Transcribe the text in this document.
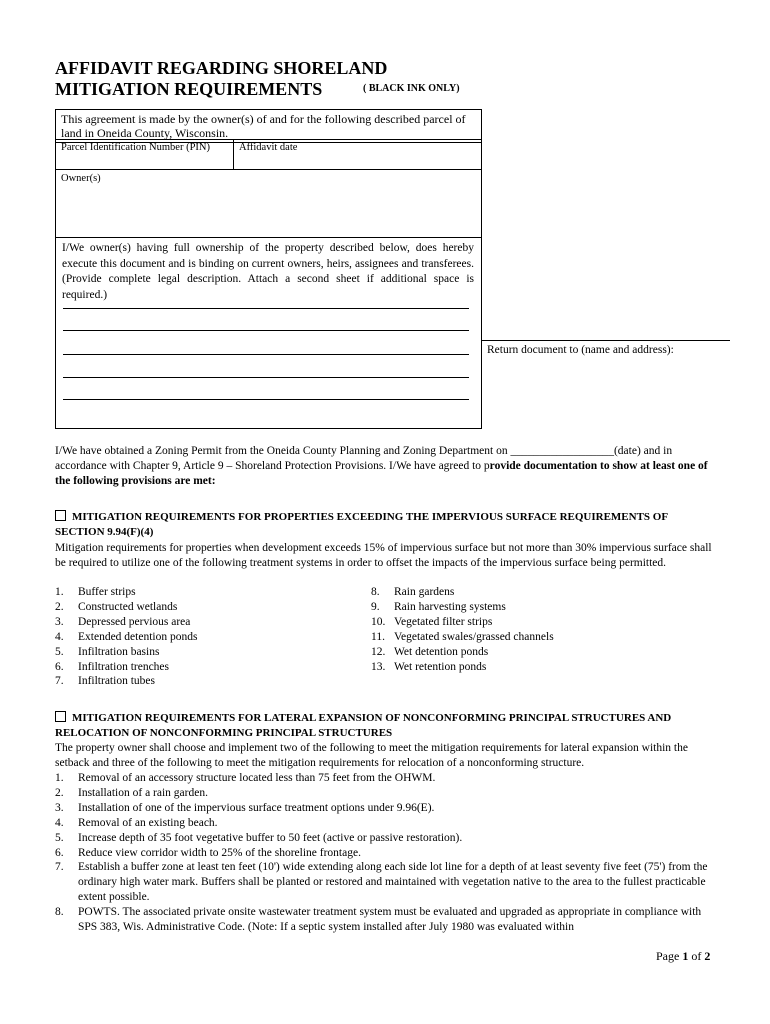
AFFIDAVIT REGARDING SHORELAND
MITIGATION REQUIREMENTS	( BLACK INK ONLY)
This agreement is made by the owner(s) of and for the following described parcel of land in Oneida County, Wisconsin.
Parcel Identification Number (PIN)	Affidavit date
Owner(s)
I/We owner(s) having full ownership of the property described below, does hereby execute this document and is binding on current owners, heirs, assignees and transferees. (Provide complete legal description. Attach a second sheet if additional space is required.)
Return document to (name and address):
I/We have obtained a Zoning Permit from the Oneida County Planning and Zoning Department on __________________(date) and in accordance with Chapter 9, Article 9 – Shoreland Protection Provisions. I/We have agreed to provide documentation to show at least one of the following provisions are met:
MITIGATION REQUIREMENTS FOR PROPERTIES EXCEEDING THE IMPERVIOUS SURFACE REQUIREMENTS OF SECTION 9.94(F)(4)
Mitigation requirements for properties when development exceeds 15% of impervious surface but not more than 30% impervious surface shall be required to utilize one of the following treatment systems in order to offset the impacts of the impervious surface being permitted.
1. Buffer strips
2. Constructed wetlands
3. Depressed pervious area
4. Extended detention ponds
5. Infiltration basins
6. Infiltration trenches
7. Infiltration tubes
8. Rain gardens
9. Rain harvesting systems
10. Vegetated filter strips
11. Vegetated swales/grassed channels
12. Wet detention ponds
13. Wet retention ponds
MITIGATION REQUIREMENTS FOR LATERAL EXPANSION OF NONCONFORMING PRINCIPAL STRUCTURES AND RELOCATION OF NONCONFORMING PRINCIPAL STRUCTURES
The property owner shall choose and implement two of the following to meet the mitigation requirements for lateral expansion within the setback and three of the following to meet the mitigation requirements for relocation of a nonconforming structure.
1. Removal of an accessory structure located less than 75 feet from the OHWM.
2. Installation of a rain garden.
3. Installation of one of the impervious surface treatment options under 9.96(E).
4. Removal of an existing beach.
5. Increase depth of 35 foot vegetative buffer to 50 feet (active or passive restoration).
6. Reduce view corridor width to 25% of the shoreline frontage.
7. Establish a buffer zone at least ten feet (10') wide extending along each side lot line for a depth of at least seventy five feet (75') from the ordinary high water mark. Buffers shall be planted or restored and maintained with vegetation native to the area to the fullest practicable extent possible.
8. POWTS. The associated private onsite wastewater treatment system must be evaluated and upgraded as appropriate in compliance with SPS 383, Wis. Administrative Code. (Note: If a septic system installed after July 1980 was evaluated within
Page 1 of 2
